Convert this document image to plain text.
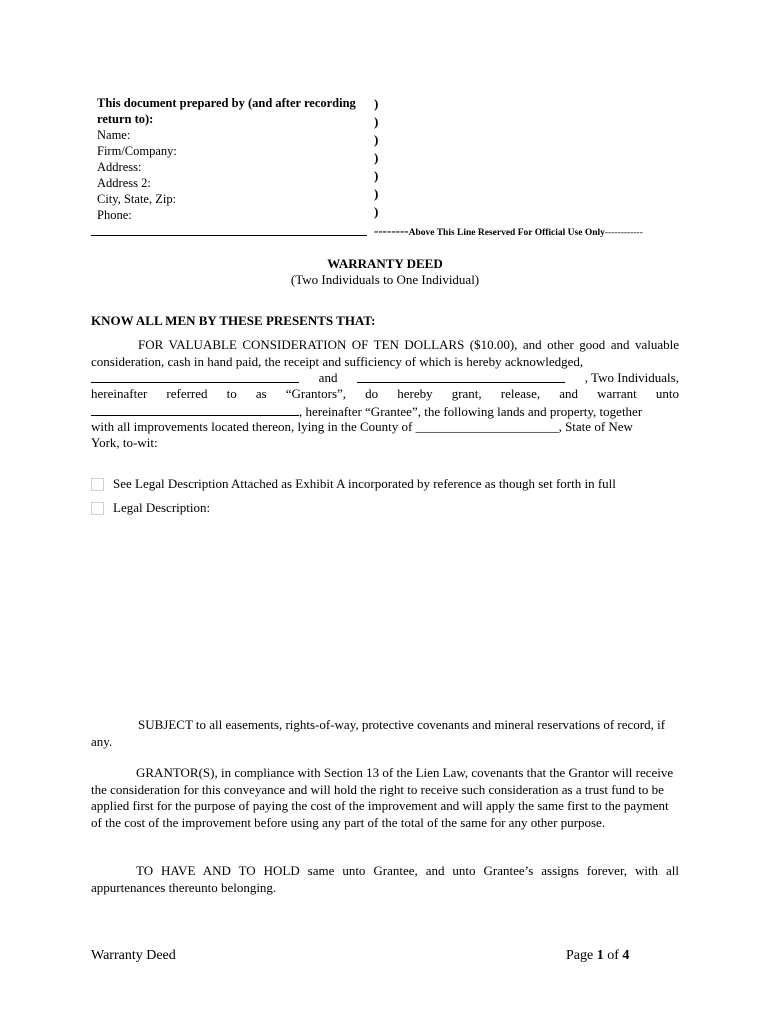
This document prepared by (and after recording return to):
Name:
Firm/Company:
Address:
Address 2:
City, State, Zip:
Phone:
)
)
)
)
)
)
)
--------Above This Line Reserved For Official Use Only------------
WARRANTY DEED
(Two Individuals to One Individual)
KNOW ALL MEN BY THESE PRESENTS THAT:
FOR VALUABLE CONSIDERATION OF TEN DOLLARS ($10.00), and other good and valuable consideration, cash in hand paid, the receipt and sufficiency of which is hereby acknowledged,
and	, Two Individuals,
hereinafter referred to as “Grantors”, do hereby grant, release, and warrant unto
, hereinafter “Grantee”, the following lands and property, together
with all improvements located thereon, lying in the County of ______________________, State of New
York, to-wit:
See Legal Description Attached as Exhibit A incorporated by reference as though set forth in full
Legal Description:
SUBJECT to all easements, rights-of-way, protective covenants and mineral reservations of record, if any.
GRANTOR(S), in compliance with Section 13 of the Lien Law, covenants that the Grantor will receive the consideration for this conveyance and will hold the right to receive such consideration as a trust fund to be applied first for the purpose of paying the cost of the improvement and will apply the same first to the payment of the cost of the improvement before using any part of the total of the same for any other purpose.
TO HAVE AND TO HOLD same unto Grantee, and unto Grantee’s assigns forever, with all appurtenances thereunto belonging.
Warranty Deed	Page 1 of 4
